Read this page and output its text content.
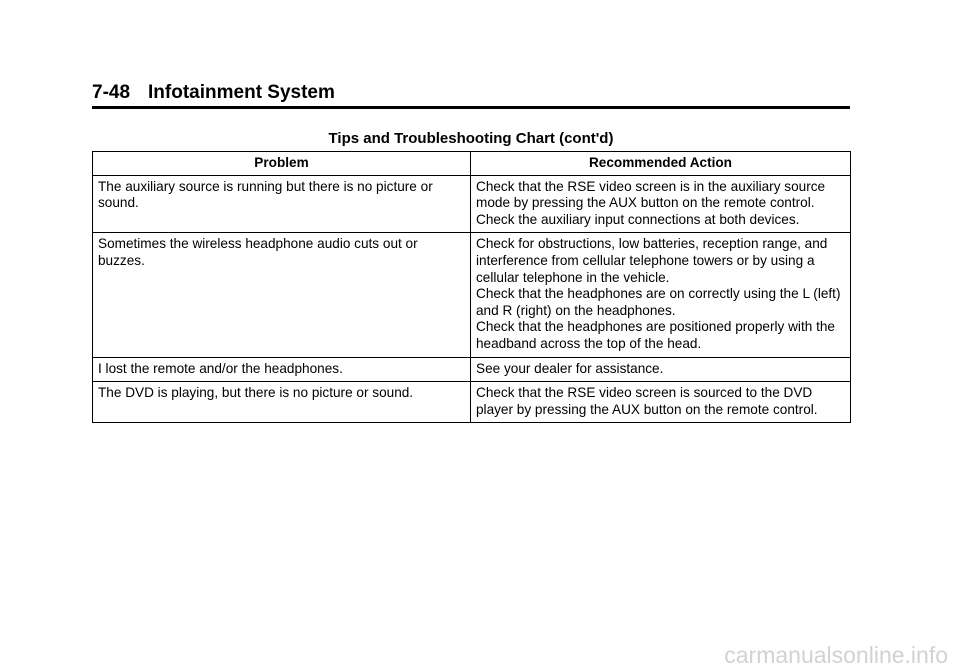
7-48 Infotainment System
Tips and Troubleshooting Chart (cont'd)
Problem	Recommended Action
The auxiliary source is running but there is no picture or sound.	Check that the RSE video screen is in the auxiliary source mode by pressing the AUX button on the remote control.
Check the auxiliary input connections at both devices.

Sometimes the wireless headphone audio cuts out or buzzes.	Check for obstructions, low batteries, reception range, and interference from cellular telephone towers or by using a cellular telephone in the vehicle.
Check that the headphones are on correctly using the L (left) and R (right) on the headphones.
Check that the headphones are positioned properly with the headband across the top of the head.

I lost the remote and/or the headphones.	See your dealer for assistance.

The DVD is playing, but there is no picture or sound.	Check that the RSE video screen is sourced to the DVD player by pressing the AUX button on the remote control.
carmanualsonline.info
